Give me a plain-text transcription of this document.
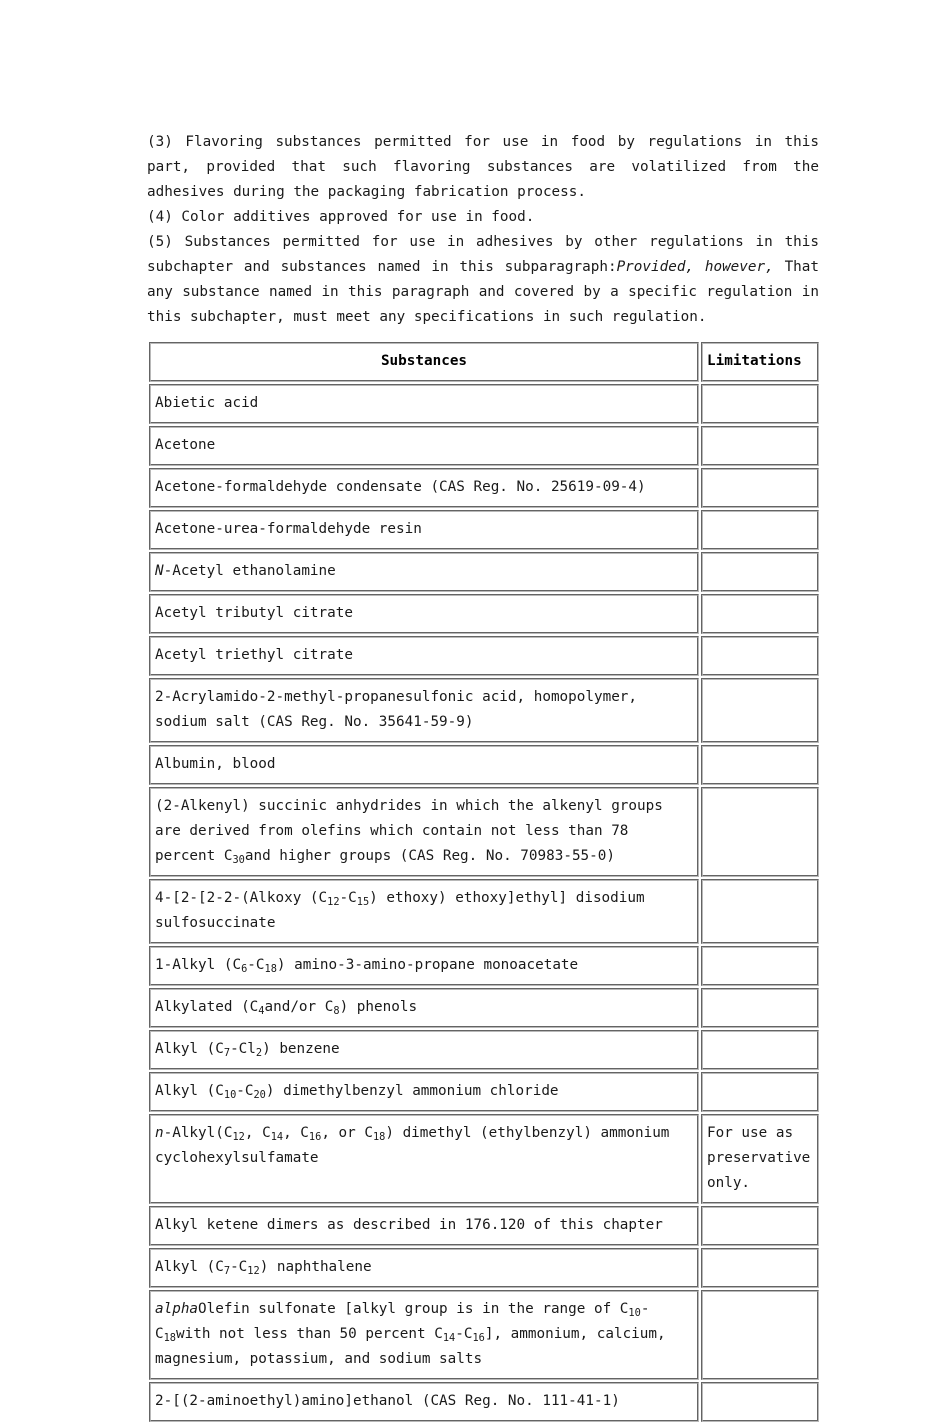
(3) Flavoring substances permitted for use in food by regulations in this part, provided that such flavoring substances are volatilized from the adhesives during the packaging fabrication process.

(4) Color additives approved for use in food.

(5) Substances permitted for use in adhesives by other regulations in this subchapter and substances named in this subparagraph:Provided, however, That any substance named in this paragraph and covered by a specific regulation in this subchapter, must meet any specifications in such regulation.

Substances	Limitations
Abietic acid	
Acetone	
Acetone-formaldehyde condensate (CAS Reg. No. 25619-09-4)	
Acetone-urea-formaldehyde resin	
N-Acetyl ethanolamine	
Acetyl tributyl citrate	
Acetyl triethyl citrate	
2-Acrylamido-2-methyl-propanesulfonic acid, homopolymer, sodium salt (CAS Reg. No. 35641-59-9)	
Albumin, blood	
(2-Alkenyl) succinic anhydrides in which the alkenyl groups are derived from olefins which contain not less than 78 percent $C_{30}and$ higher groups (CAS Reg. No. 70983-55-0)	
4-[2-[2-2-(Alkoxy $(C_{12}-C_{15})$ ethoxy) ethoxy]ethyl] disodium sulfosuccinate	
1-Alkyl $(C_6-C_{18})$ amino-3-amino-propane monoacetate	
Alkylated ($C_4and/or$ $C_8$) phenols	
Alkyl $(C_7-Cl_2)$ benzene	
Alkyl $(C_{10}-C_{20})$ dimethylbenzyl ammonium chloride	
$n-Alkyl(C_{12}$, $C_{14}$, $C_{16}$, or $C_{18}$) dimethyl (ethylbenzyl) ammonium cyclohexylsulfamate	For use as preservative only.
Alkyl ketene dimers as described in 176.120 of this chapter	
Alkyl $(C_7-C_{12})$ naphthalene	
alphaOlefin sulfonate [alkyl group is in the range of $C_{10}-C_{18}with$ not less than 50 percent $C_{14}-C_{16}$], ammonium, calcium, magnesium, potassium, and sodium salts	
2-[(2-aminoethyl)amino]ethanol (CAS Reg. No. 111-41-1)	
